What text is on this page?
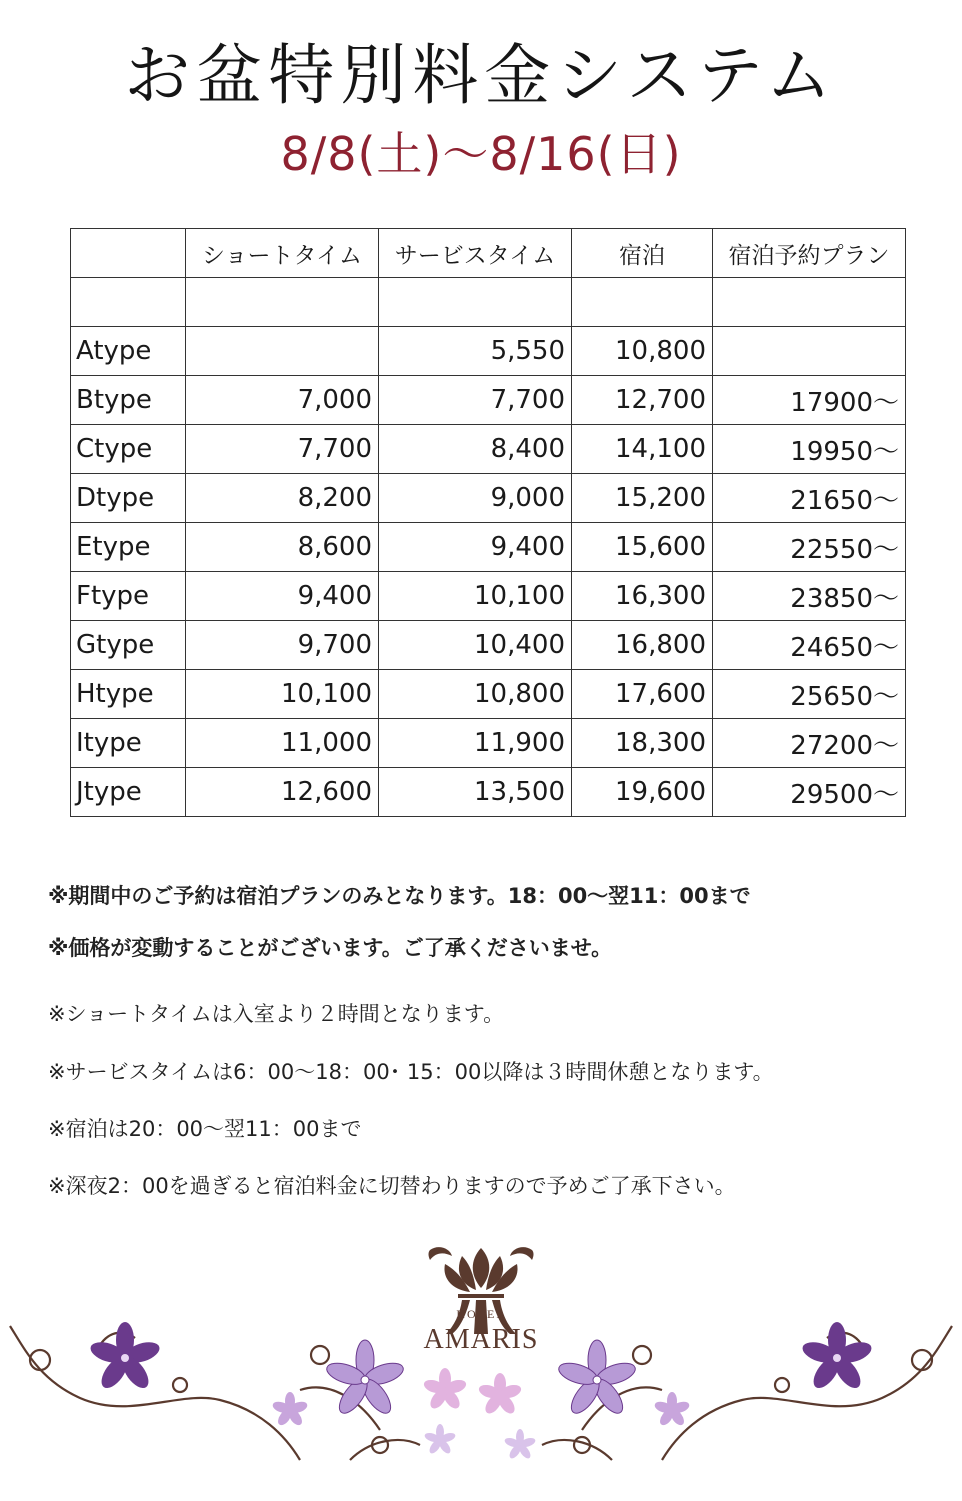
お盆特別料金システム
8/8(土)～8/16(日)
	ショートタイム	サービスタイム	宿泊	宿泊予約プラン

Atype		5,550	10,800	
Btype	7,000	7,700	12,700	17900～
Ctype	7,700	8,400	14,100	19950～
Dtype	8,200	9,000	15,200	21650～
Etype	8,600	9,400	15,600	22550～
Ftype	9,400	10,100	16,300	23850～
Gtype	9,700	10,400	16,800	24650～
Htype	10,100	10,800	17,600	25650～
Itype	11,000	11,900	18,300	27200～
Jtype	12,600	13,500	19,600	29500～
※期間中のご予約は宿泊プランのみとなります。18：00～翌11：00まで
※価格が変動することがございます。ご了承くださいませ。
※ショートタイムは入室より２時間となります。
※サービスタイムは6：00～18：00･ 15：00以降は３時間休憩となります。
※宿泊は20：00～翌11：00まで
※深夜2：00を過ぎると宿泊料金に切替わりますので予めご了承下さい。
HOTEL
AMARIS
